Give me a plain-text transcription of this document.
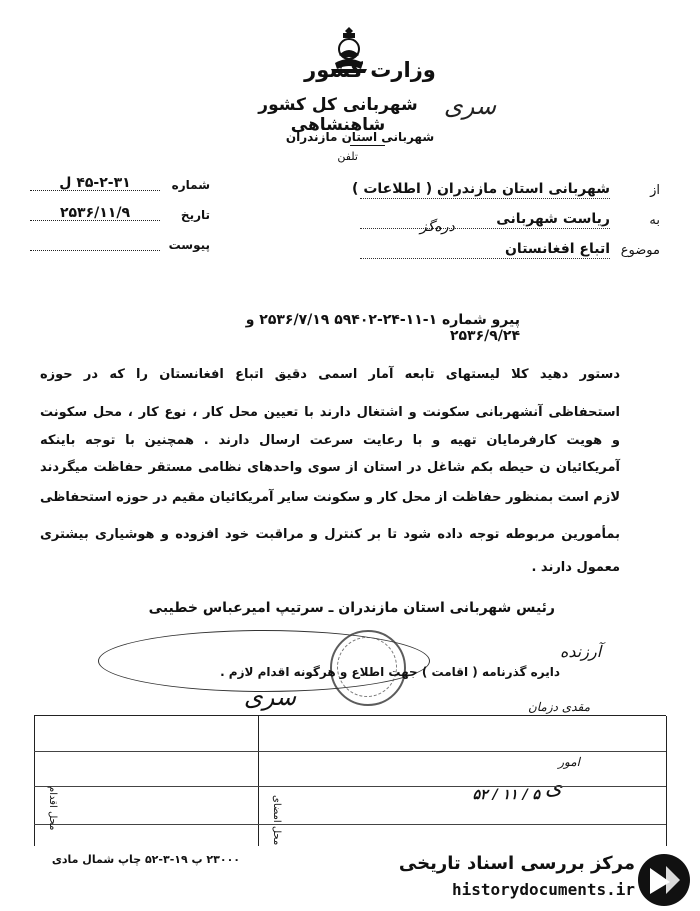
وزارت کشور
شهربانی کل کشور شاهنشاهی
شهربانی استان مازندران
تلفن
سری
شماره
۴۵-۲-۳۱ ل
تاریخ
۲۵۳۶/۱۱/۹
پیوست
از
شهربانی استان مازندران ( اطلاعات )
به
ریاست شهربانی
دره‌گز
موضوع
اتباع افغانستان
پیرو شماره ۱-۱۱-۲۴-۵۹۴۰۲ ۲۵۳۶/۷/۱۹ و ۲۵۳۶/۹/۲۴
دستور دهید کلا لیستهای تابعه آمار اسمی دقیق اتباع افغانستان را که در حوزه
استحفاظی آنشهربانی سکونت و اشتغال دارند با تعیین محل کار ، نوع کار ، محل سکونت
و هویت کارفرمایان تهیه و با رعایت سرعت ارسال دارند . همچنین با توجه باینکه
آمریکائیان ن حیطه بکم شاغل در استان از سوی واحدهای نظامی مستقر حفاظت میگردند
لازم است بمنظور حفاظت از محل کار و سکونت سایر آمریکائیان مقیم در حوزه استحفاظی
بمأمورین مربوطه توجه داده شود تا بر کنترل و مراقبت خود افزوده و هوشیاری بیشتری
معمول دارند .
رئیس شهربانی استان مازندران ـ سرتیپ امیرعباس خطیبی
آرزنده
دایره گذرنامه ( اقامت ) جهت اطلاع و هرگونه اقدام لازم .
سری	مقدی دزمان
امور
۵ / ۱۱ / ۵۲ ی
محل اقدام	محل امضای
۲۳۰۰۰ پ ۱۹-۳-۵۲ چاپ شمال مادی	مرکز بررسی اسناد تاریخی
historydocuments.ir
